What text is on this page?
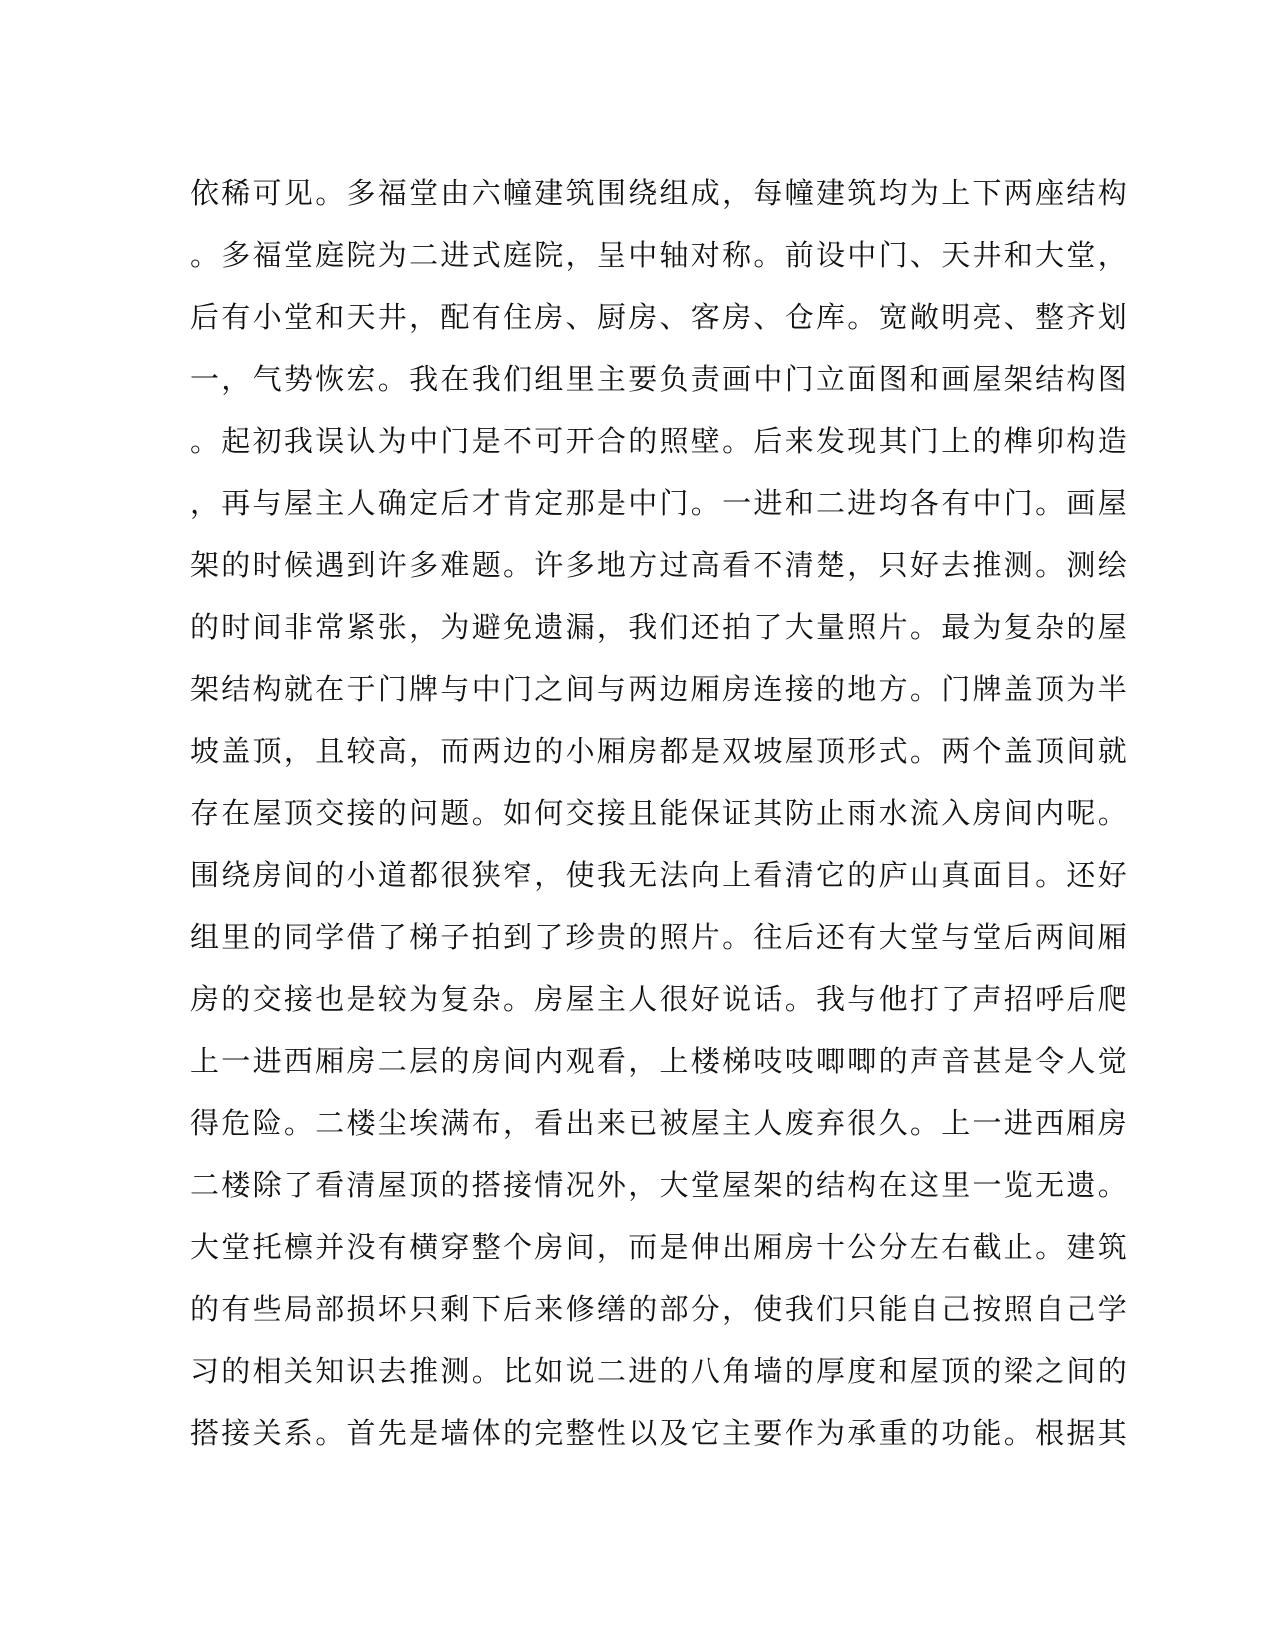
依稀可见。多福堂由六幢建筑围绕组成，每幢建筑均为上下两座结构
。多福堂庭院为二进式庭院，呈中轴对称。前设中门、天井和大堂，
后有小堂和天井，配有住房、厨房、客房、仓库。宽敞明亮、整齐划
一，气势恢宏。我在我们组里主要负责画中门立面图和画屋架结构图
。起初我误认为中门是不可开合的照壁。后来发现其门上的榫卯构造
，再与屋主人确定后才肯定那是中门。一进和二进均各有中门。画屋
架的时候遇到许多难题。许多地方过高看不清楚，只好去推测。测绘
的时间非常紧张，为避免遗漏，我们还拍了大量照片。最为复杂的屋
架结构就在于门牌与中门之间与两边厢房连接的地方。门牌盖顶为半
坡盖顶，且较高，而两边的小厢房都是双坡屋顶形式。两个盖顶间就
存在屋顶交接的问题。如何交接且能保证其防止雨水流入房间内呢。
围绕房间的小道都很狭窄，使我无法向上看清它的庐山真面目。还好
组里的同学借了梯子拍到了珍贵的照片。往后还有大堂与堂后两间厢
房的交接也是较为复杂。房屋主人很好说话。我与他打了声招呼后爬
上一进西厢房二层的房间内观看，上楼梯吱吱唧唧的声音甚是令人觉
得危险。二楼尘埃满布，看出来已被屋主人废弃很久。上一进西厢房
二楼除了看清屋顶的搭接情况外，大堂屋架的结构在这里一览无遗。
大堂托檩并没有横穿整个房间，而是伸出厢房十公分左右截止。建筑
的有些局部损坏只剩下后来修缮的部分，使我们只能自己按照自己学
习的相关知识去推测。比如说二进的八角墙的厚度和屋顶的梁之间的
搭接关系。首先是墙体的完整性以及它主要作为承重的功能。根据其
